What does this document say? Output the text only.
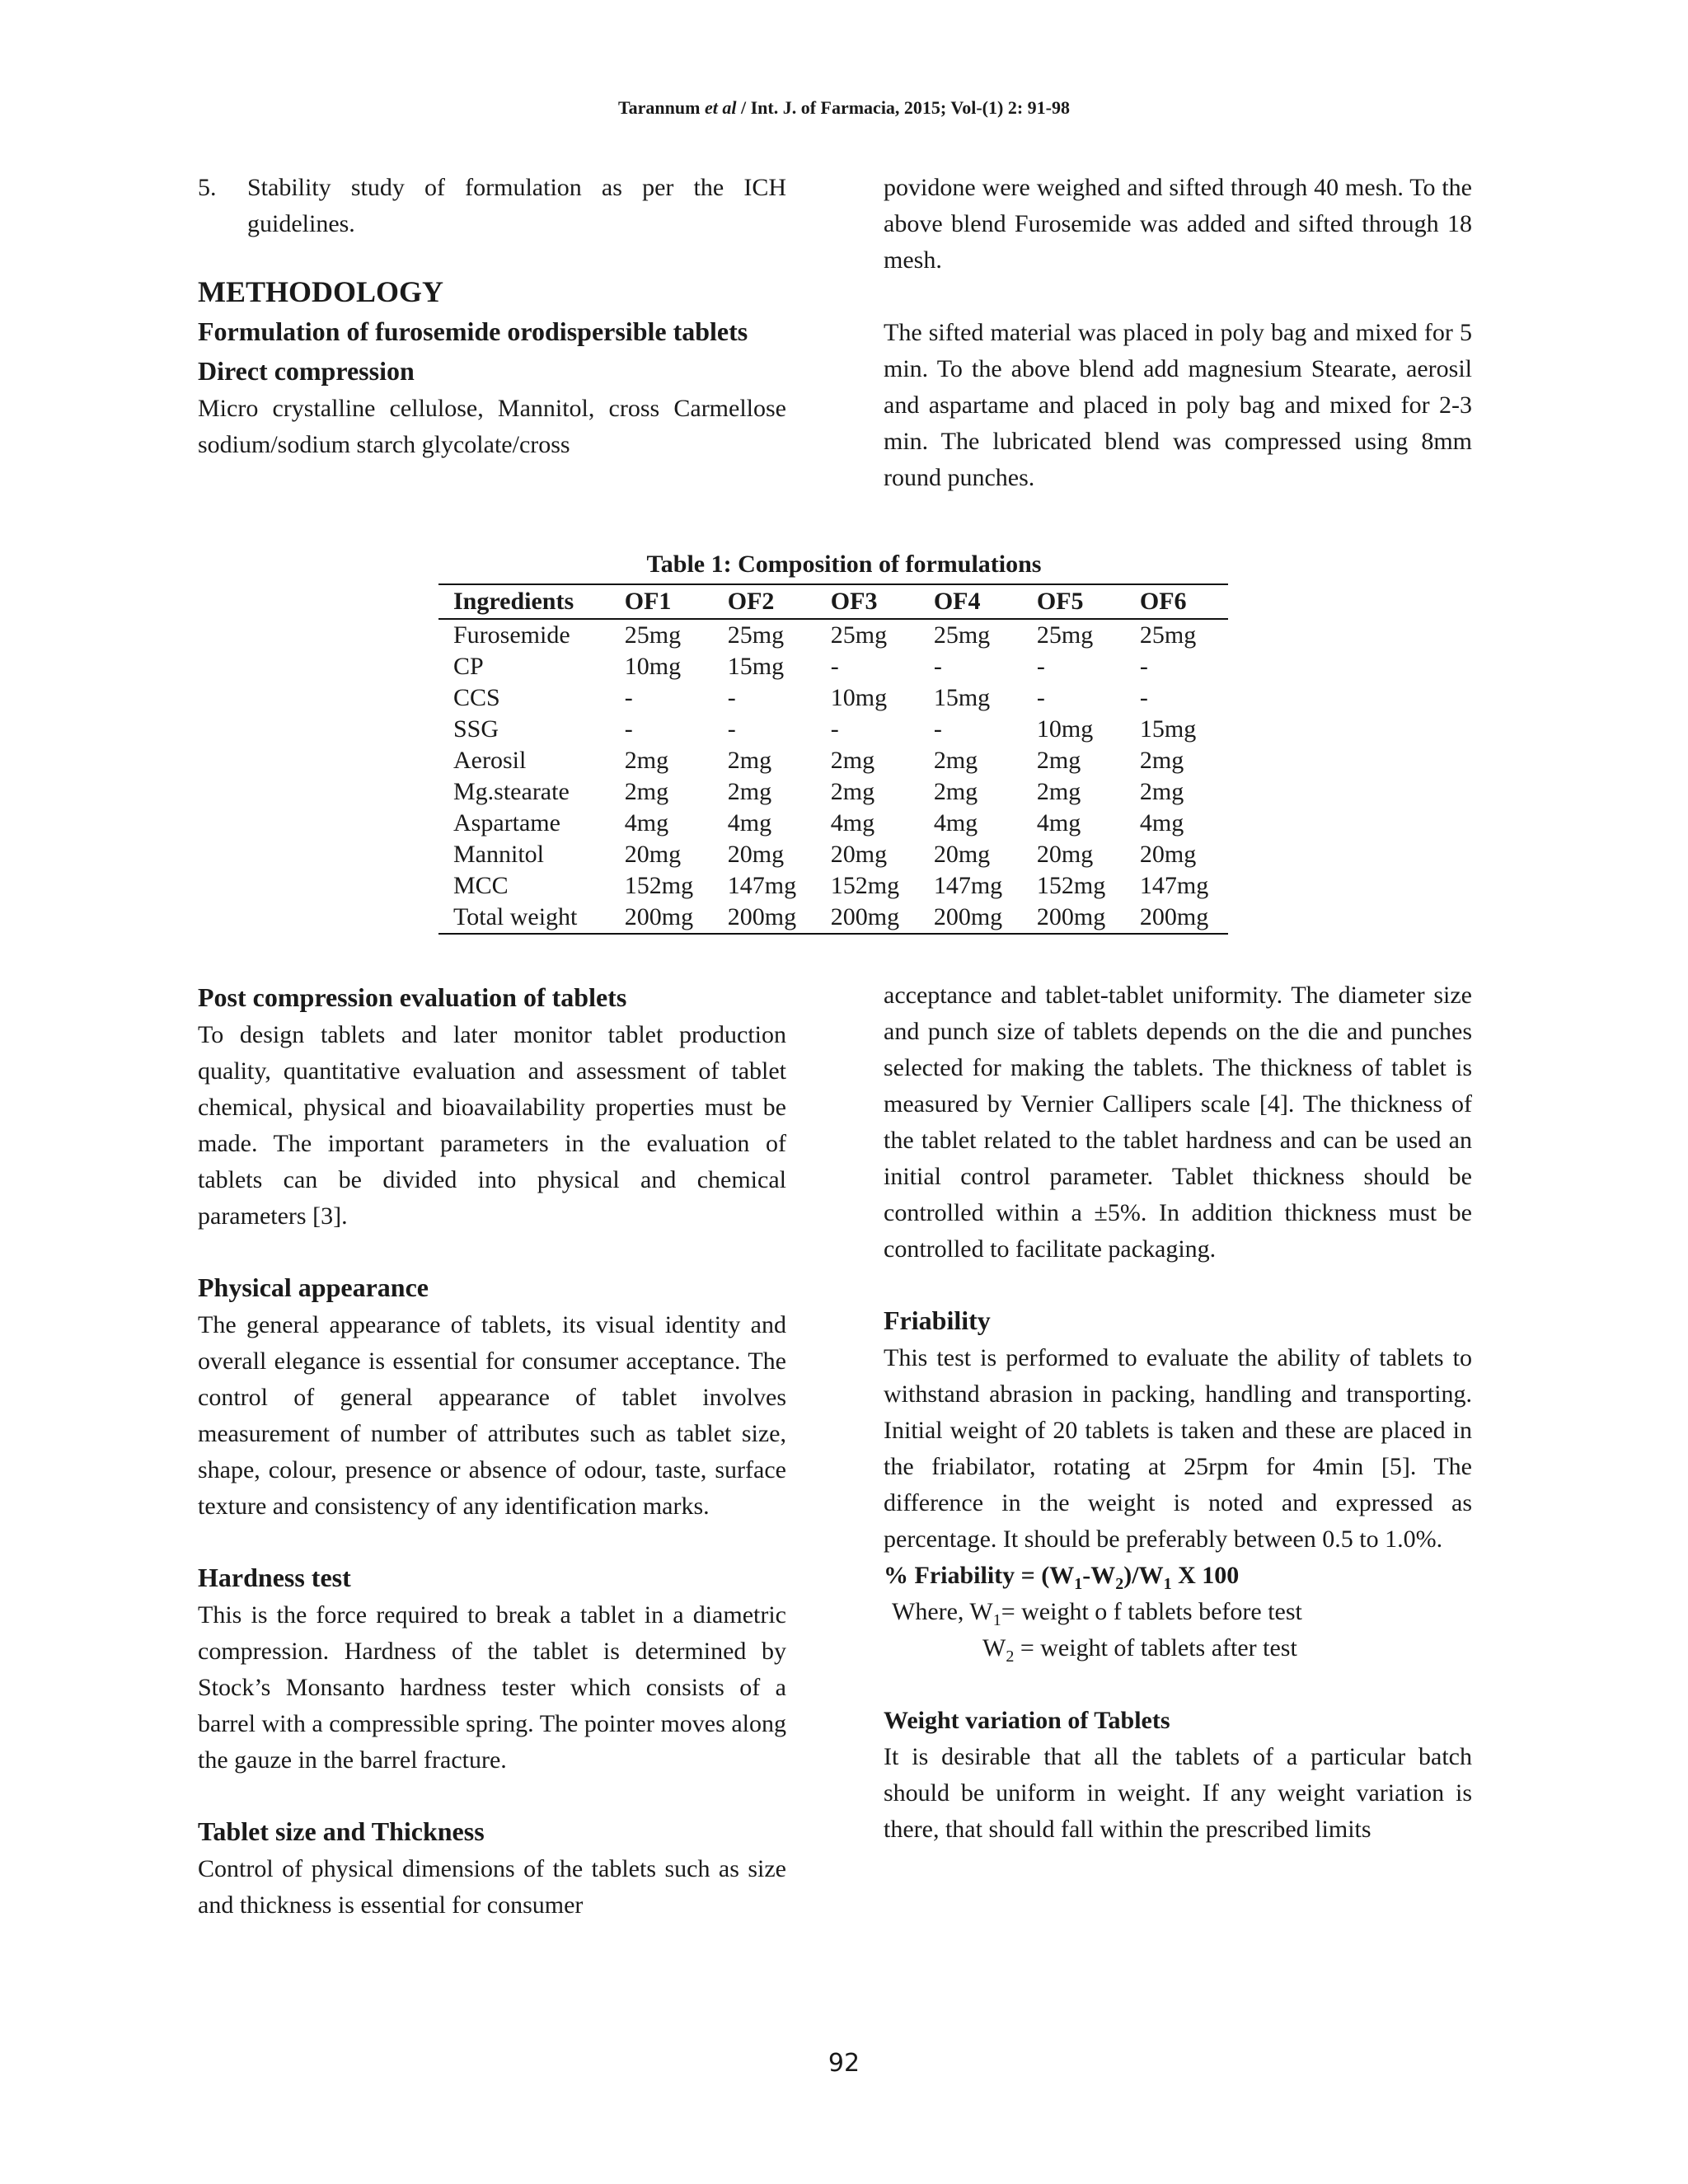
Tarannum et al / Int. J. of Farmacia, 2015; Vol-(1) 2: 91-98
5.	Stability study of formulation as per the ICH guidelines.
METHODOLOGY
Formulation of furosemide orodispersible tablets
Direct compression

Micro crystalline cellulose, Mannitol, cross Carmellose sodium/sodium starch glycolate/cross

povidone were weighed and sifted through 40 mesh. To the above blend Furosemide was added and sifted through 18 mesh.

The sifted material was placed in poly bag and mixed for 5 min. To the above blend add magnesium Stearate, aerosil and aspartame and placed in poly bag and mixed for 2-3 min. The lubricated blend was compressed using 8mm round punches.

Table 1: Composition of formulations
Ingredients	OF1	OF2	OF3	OF4	OF5	OF6
Furosemide	25mg	25mg	25mg	25mg	25mg	25mg
CP	10mg	15mg	-	-	-	-
CCS	-	-	10mg	15mg	-	-
SSG	-	-	-	-	10mg	15mg
Aerosil	2mg	2mg	2mg	2mg	2mg	2mg
Mg.stearate	2mg	2mg	2mg	2mg	2mg	2mg
Aspartame	4mg	4mg	4mg	4mg	4mg	4mg
Mannitol	20mg	20mg	20mg	20mg	20mg	20mg
MCC	152mg	147mg	152mg	147mg	152mg	147mg
Total weight	200mg	200mg	200mg	200mg	200mg	200mg
Post compression evaluation of tablets

To design tablets and later monitor tablet production quality, quantitative evaluation and assessment of tablet chemical, physical and bioavailability properties must be made. The important parameters in the evaluation of tablets can be divided into physical and chemical parameters [3].

Physical appearance

The general appearance of tablets, its visual identity and overall elegance is essential for consumer acceptance. The control of general appearance of tablet involves measurement of number of attributes such as tablet size, shape, colour, presence or absence of odour, taste, surface texture and consistency of any identification marks.

Hardness test

This is the force required to break a tablet in a diametric compression. Hardness of the tablet is determined by Stock’s Monsanto hardness tester which consists of a barrel with a compressible spring. The pointer moves along the gauze in the barrel fracture.

Tablet size and Thickness

Control of physical dimensions of the tablets such as size and thickness is essential for consumer

acceptance and tablet-tablet uniformity. The diameter size and punch size of tablets depends on the die and punches selected for making the tablets. The thickness of tablet is measured by Vernier Callipers scale [4]. The thickness of the tablet related to the tablet hardness and can be used an initial control parameter. Tablet thickness should be controlled within a ±5%. In addition thickness must be controlled to facilitate packaging.

Friability

This test is performed to evaluate the ability of tablets to withstand abrasion in packing, handling and transporting. Initial weight of 20 tablets is taken and these are placed in the friabilator, rotating at 25rpm for 4min [5]. The difference in the weight is noted and expressed as percentage. It should be preferably between 0.5 to 1.0%.

% Friability = $(W_1-W_2)/W_1$ X 100

Where, $W_1=$ weight o f tablets before test

$W_2$ = weight of tablets after test

Weight variation of Tablets

It is desirable that all the tablets of a particular batch should be uniform in weight. If any weight variation is there, that should fall within the prescribed limits

92
